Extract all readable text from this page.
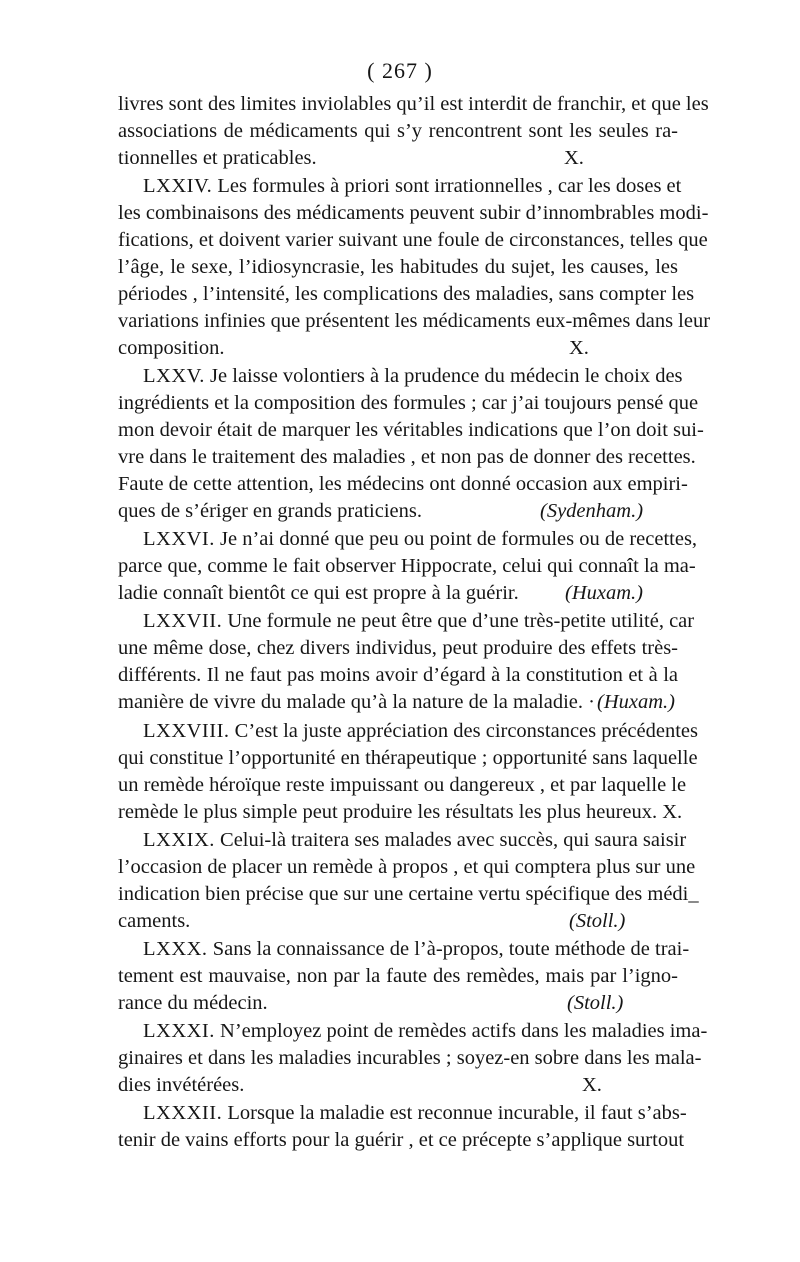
( 267 )
livres sont des limites inviolables qu’il est interdit de franchir, et que les
associations de médicaments qui s’y rencontrent sont les seules ra-
tionnelles et praticables.	X.
LXXIV. Les formules à priori sont irrationnelles , car les doses et
les combinaisons des médicaments peuvent subir d’innombrables modi-
fications, et doivent varier suivant une foule de circonstances, telles que
l’âge, le sexe, l’idiosyncrasie, les habitudes du sujet, les causes, les
périodes , l’intensité, les complications des maladies, sans compter les
variations infinies que présentent les médicaments eux-mêmes dans leur
composition.	X.
LXXV. Je laisse volontiers à la prudence du médecin le choix des
ingrédients et la composition des formules ; car j’ai toujours pensé que
mon devoir était de marquer les véritables indications que l’on doit sui-
vre dans le traitement des maladies , et non pas de donner des recettes.
Faute de cette attention, les médecins ont donné occasion aux empiri-
ques de s’ériger en grands praticiens.	(Sydenham.)
LXXVI. Je n’ai donné que peu ou point de formules ou de recettes,
parce que, comme le fait observer Hippocrate, celui qui connaît la ma-
ladie connaît bientôt ce qui est propre à la guérir.	(Huxam.)
LXXVII. Une formule ne peut être que d’une très-petite utilité, car
une même dose, chez divers individus, peut produire des effets très-
différents. Il ne faut pas moins avoir d’égard à la constitution et à la
manière de vivre du malade qu’à la nature de la maladie. · (Huxam.)
LXXVIII. C’est la juste appréciation des circonstances précédentes
qui constitue l’opportunité en thérapeutique ; opportunité sans laquelle
un remède héroïque reste impuissant ou dangereux , et par laquelle le
remède le plus simple peut produire les résultats les plus heureux. X.
LXXIX. Celui-là traitera ses malades avec succès, qui saura saisir
l’occasion de placer un remède à propos , et qui comptera plus sur une
indication bien précise que sur une certaine vertu spécifique des médi_
caments.	(Stoll.)
LXXX. Sans la connaissance de l’à-propos, toute méthode de trai-
tement est mauvaise, non par la faute des remèdes, mais par l’igno-
rance du médecin.	(Stoll.)
LXXXI. N’employez point de remèdes actifs dans les maladies ima-
ginaires et dans les maladies incurables ; soyez-en sobre dans les mala-
dies invétérées.	X.
LXXXII. Lorsque la maladie est reconnue incurable, il faut s’abs-
tenir de vains efforts pour la guérir , et ce précepte s’applique surtout
